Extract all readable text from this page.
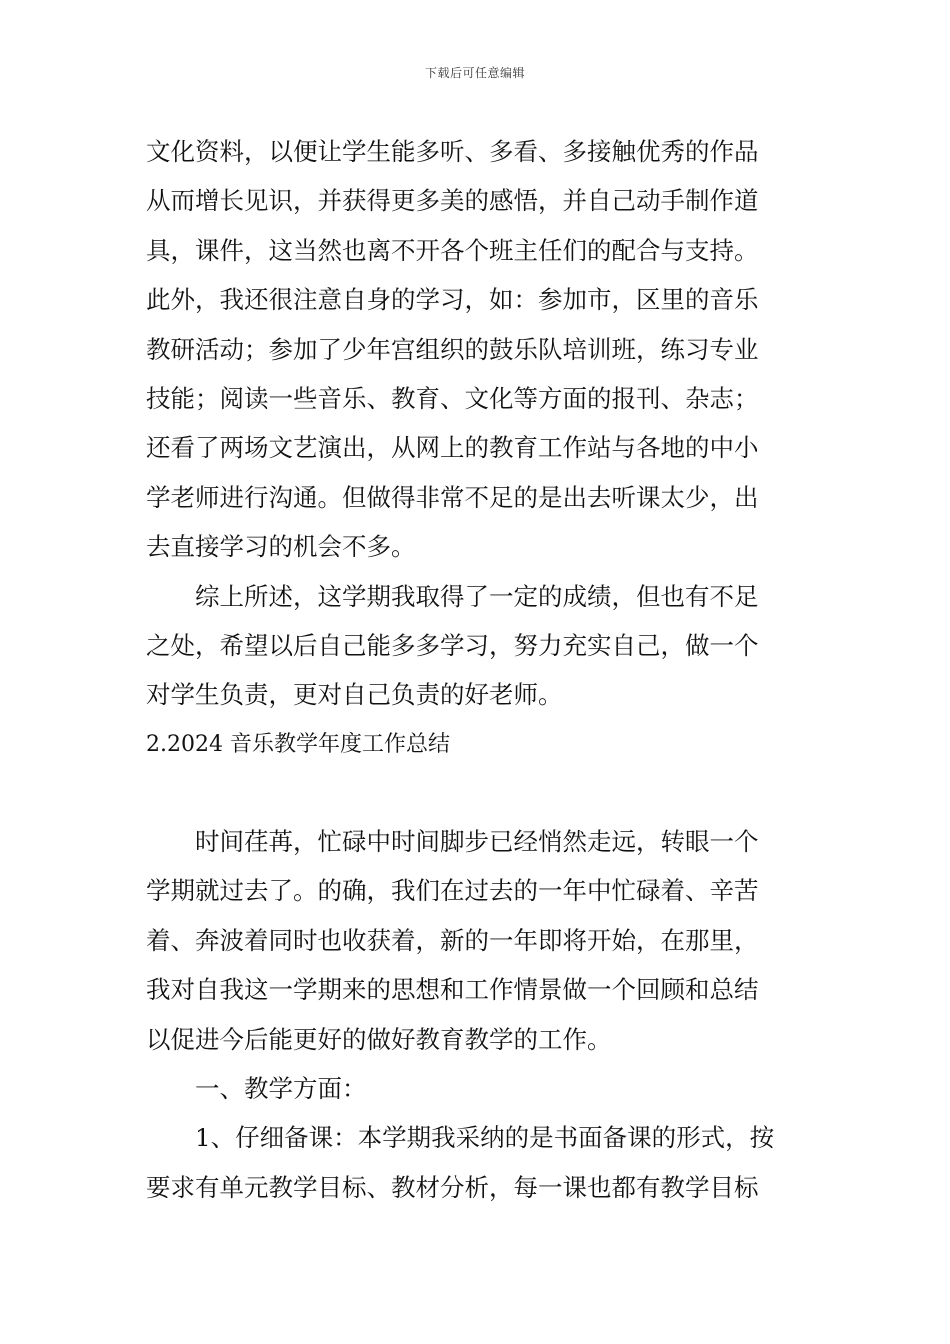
下载后可任意编辑
文化资料，以便让学生能多听、多看、多接触优秀的作品
从而增长见识，并获得更多美的感悟，并自己动手制作道
具，课件，这当然也离不开各个班主任们的配合与支持。
此外，我还很注意自身的学习，如：参加市，区里的音乐
教研活动；参加了少年宫组织的鼓乐队培训班，练习专业
技能；阅读一些音乐、教育、文化等方面的报刊、杂志；
还看了两场文艺演出，从网上的教育工作站与各地的中小
学老师进行沟通。但做得非常不足的是出去听课太少，出
去直接学习的机会不多。
综上所述，这学期我取得了一定的成绩，但也有不足
之处，希望以后自己能多多学习，努力充实自己，做一个
对学生负责，更对自己负责的好老师。
2.2024 音乐教学年度工作总结
时间荏苒，忙碌中时间脚步已经悄然走远，转眼一个
学期就过去了。的确，我们在过去的一年中忙碌着、辛苦
着、奔波着同时也收获着，新的一年即将开始，在那里，
我对自我这一学期来的思想和工作情景做一个回顾和总结
以促进今后能更好的做好教育教学的工作。
一、教学方面：
1、仔细备课：本学期我采纳的是书面备课的形式，按
要求有单元教学目标、教材分析，每一课也都有教学目标
